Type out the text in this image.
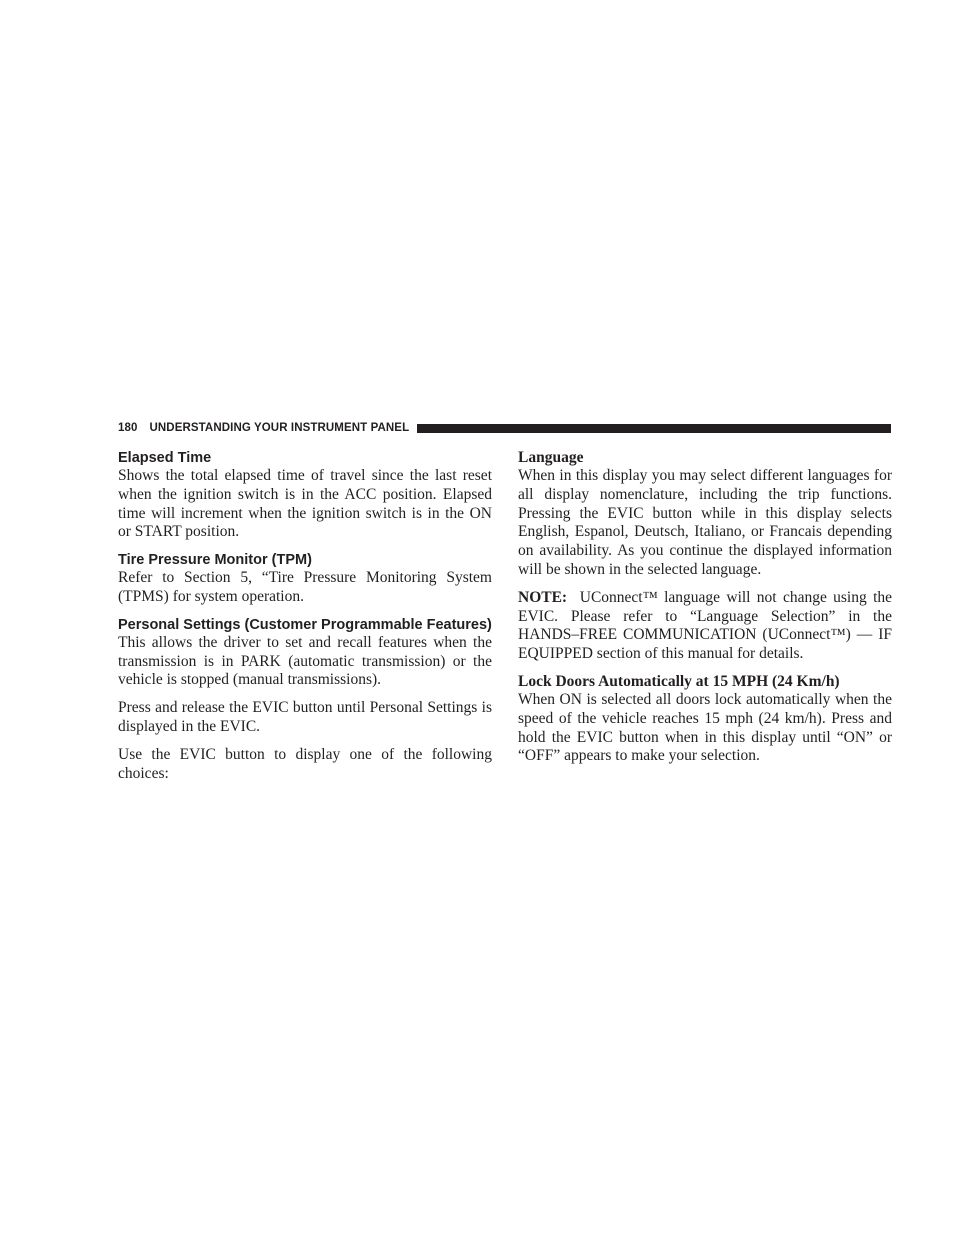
180 UNDERSTANDING YOUR INSTRUMENT PANEL
Elapsed Time

Shows the total elapsed time of travel since the last reset when the ignition switch is in the ACC position. Elapsed time will increment when the ignition switch is in the ON or START position.

Tire Pressure Monitor (TPM)

Refer to Section 5, “Tire Pressure Monitoring System (TPMS) for system operation.

Personal Settings (Customer Programmable Features)

This allows the driver to set and recall features when the transmission is in PARK (automatic transmission) or the vehicle is stopped (manual transmissions).

Press and release the EVIC button until Personal Settings is displayed in the EVIC.

Use the EVIC button to display one of the following choices:

Language

When in this display you may select different languages for all display nomenclature, including the trip functions. Pressing the EVIC button while in this display selects English, Espanol, Deutsch, Italiano, or Francais depending on availability. As you continue the displayed information will be shown in the selected language.

NOTE: UConnect™ language will not change using the EVIC. Please refer to “Language Selection” in the HANDS–FREE COMMUNICATION (UConnect™) — IF EQUIPPED section of this manual for details.

Lock Doors Automatically at 15 MPH (24 Km/h)

When ON is selected all doors lock automatically when the speed of the vehicle reaches 15 mph (24 km/h). Press and hold the EVIC button when in this display until “ON” or “OFF” appears to make your selection.
